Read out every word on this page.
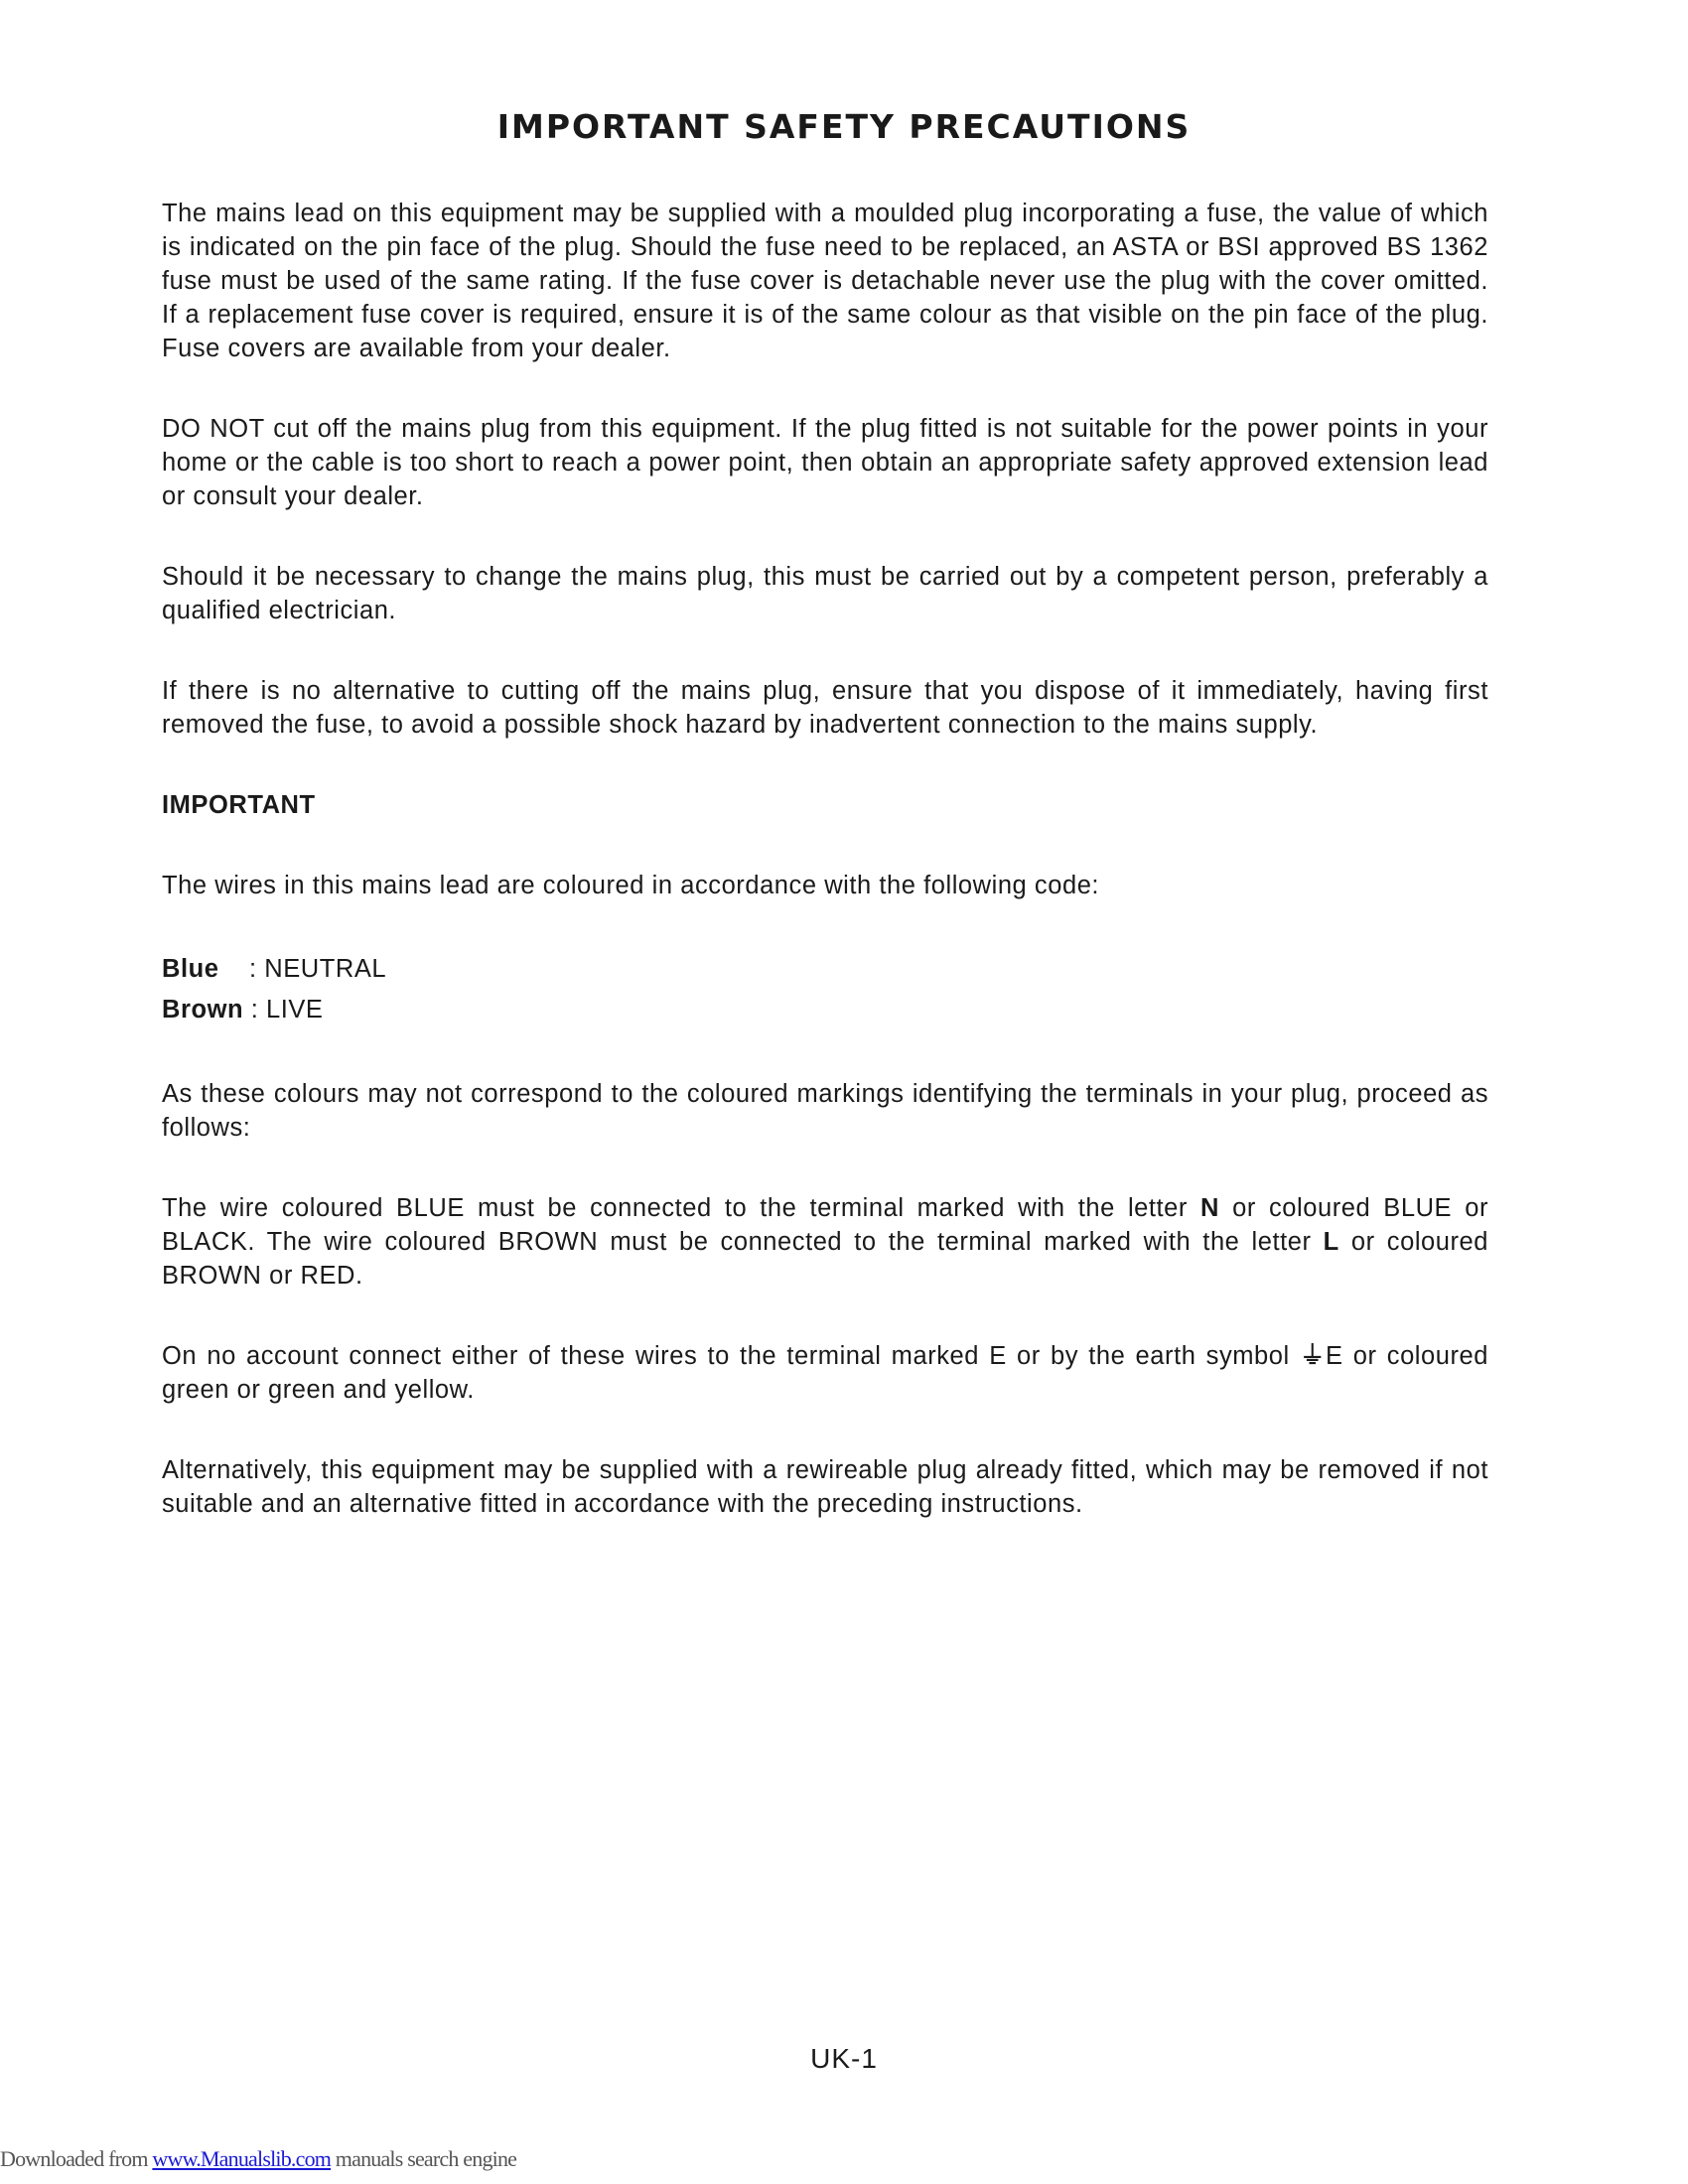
IMPORTANT SAFETY PRECAUTIONS

The mains lead on this equipment may be supplied with a moulded plug incorporating a fuse, the value of which is indicated on the pin face of the plug. Should the fuse need to be replaced, an ASTA or BSI approved BS 1362 fuse must be used of the same rating. If the fuse cover is detachable never use the plug with the cover omitted. If a replacement fuse cover is required, ensure it is of the same colour as that visible on the pin face of the plug. Fuse covers are available from your dealer.

DO NOT cut off the mains plug from this equipment. If the plug fitted is not suitable for the power points in your home or the cable is too short to reach a power point, then obtain an appropriate safety approved extension lead or consult your dealer.

Should it be necessary to change the mains plug, this must be carried out by a competent person, preferably a qualified electrician.

If there is no alternative to cutting off the mains plug, ensure that you dispose of it immediately, having first removed the fuse, to avoid a possible shock hazard by inadvertent connection to the mains supply.

IMPORTANT

The wires in this mains lead are coloured in accordance with the following code:

Blue : NEUTRAL

Brown : LIVE

As these colours may not correspond to the coloured markings identifying the terminals in your plug, proceed as follows:

The wire coloured BLUE must be connected to the terminal marked with the letter N or coloured BLUE or BLACK. The wire coloured BROWN must be connected to the terminal marked with the letter L or coloured BROWN or RED.

On no account connect either of these wires to the terminal marked E or by the earth symbol ⏚E or coloured green or green and yellow.

Alternatively, this equipment may be supplied with a rewireable plug already fitted, which may be removed if not suitable and an alternative fitted in accordance with the preceding instructions.

UK-1
Downloaded from www.Manualslib.com manuals search engine
